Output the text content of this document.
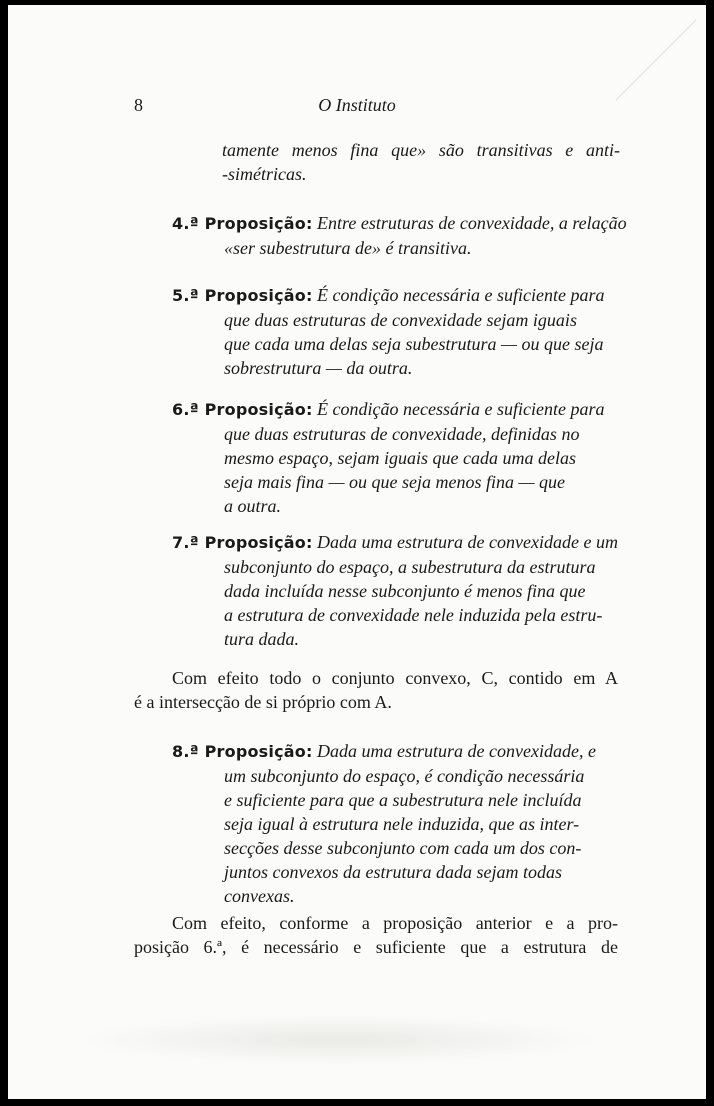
8	O Instituto

tamente menos fina que» são transitivas e anti-
-simétricas.

4.ª Proposição: Entre estruturas de convexidade, a relação
«ser subestrutura de» é transitiva.

5.ª Proposição: É condição necessária e suficiente para
que duas estruturas de convexidade sejam iguais
que cada uma delas seja subestrutura — ou que seja
sobrestrutura — da outra.

6.ª Proposição: É condição necessária e suficiente para
que duas estruturas de convexidade, definidas no
mesmo espaço, sejam iguais que cada uma delas
seja mais fina — ou que seja menos fina — que
a outra.

7.ª Proposição: Dada uma estrutura de convexidade e um
subconjunto do espaço, a subestrutura da estrutura
dada incluída nesse subconjunto é menos fina que
a estrutura de convexidade nele induzida pela estru-
tura dada.

Com efeito todo o conjunto convexo, C, contido em A
é a intersecção de si próprio com A.

8.ª Proposição: Dada uma estrutura de convexidade, e
um subconjunto do espaço, é condição necessária
e suficiente para que a subestrutura nele incluída
seja igual à estrutura nele induzida, que as inter-
secções desse subconjunto com cada um dos con-
juntos convexos da estrutura dada sejam todas
convexas.

Com efeito, conforme a proposição anterior e a pro-
posição 6.ª, é necessário e suficiente que a estrutura de
